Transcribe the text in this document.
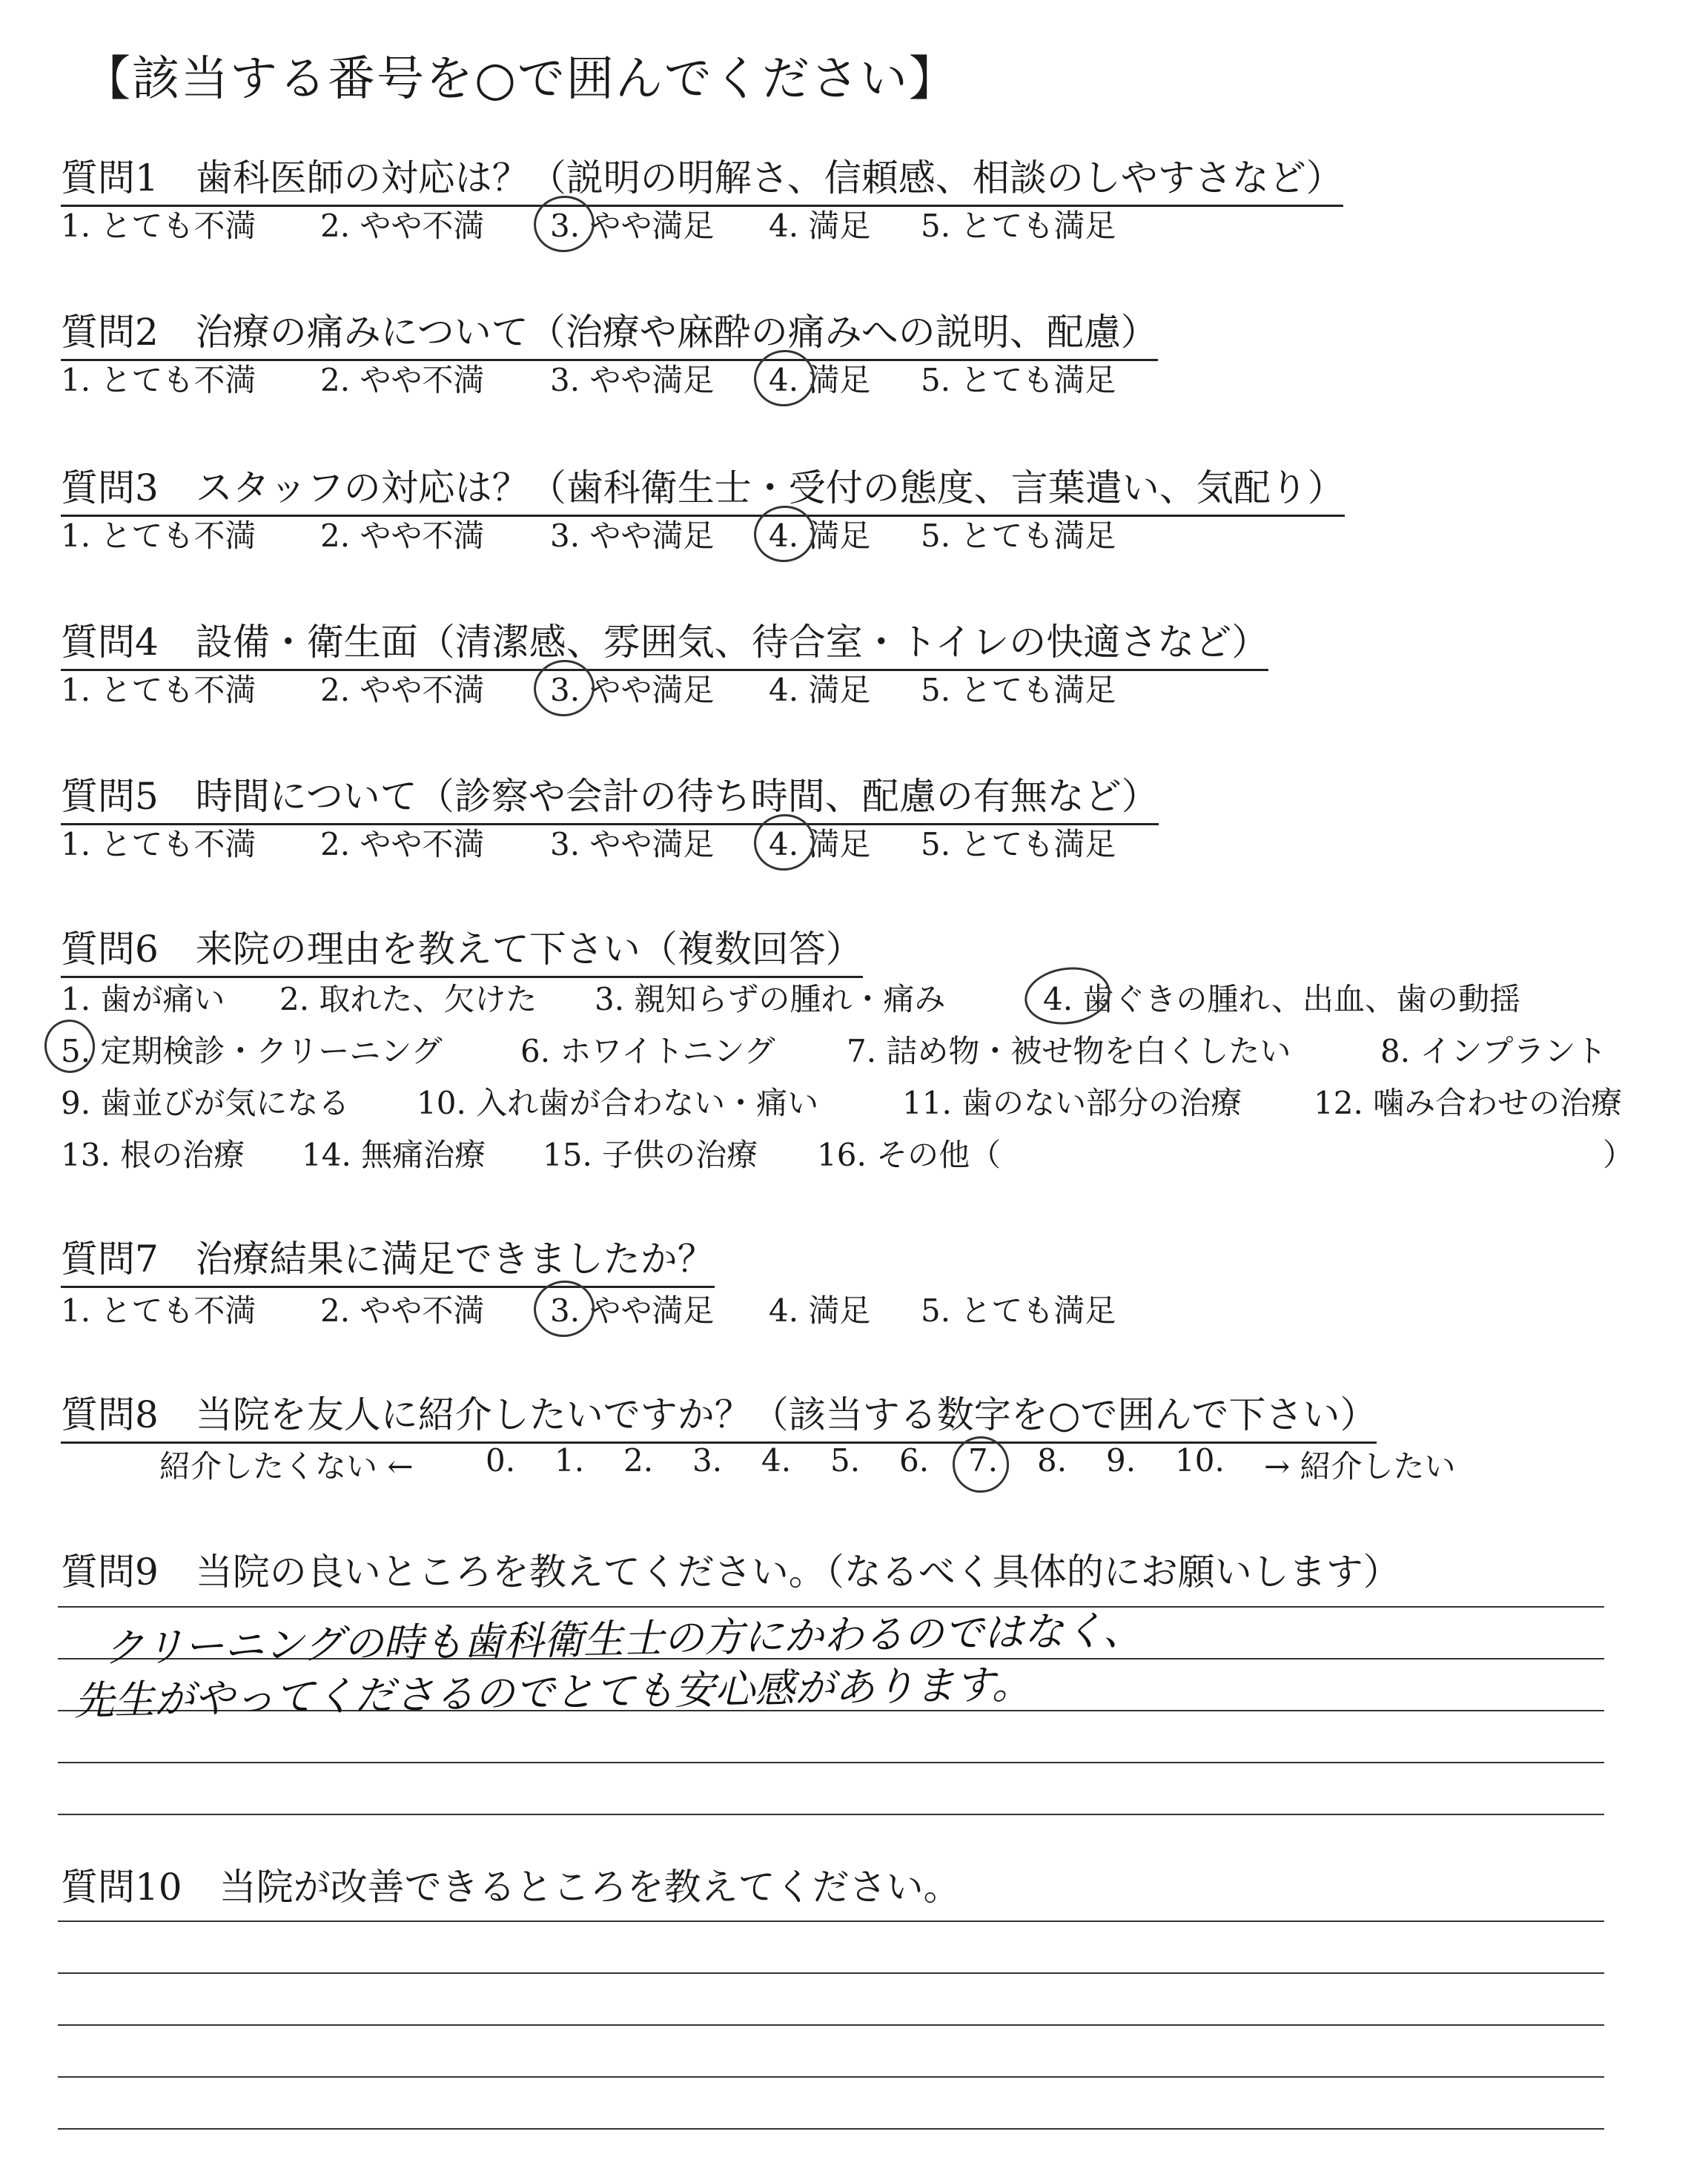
【該当する番号を○で囲んでください】
質問1　歯科医師の対応は？（説明の明解さ、信頼感、相談のしやすさなど）
1. とても不満 2. やや不満 3. やや満足 4. 満足 5. とても満足
質問2　治療の痛みについて（治療や麻酔の痛みへの説明、配慮）
1. とても不満 2. やや不満 3. やや満足 4. 満足 5. とても満足
質問3　スタッフの対応は？（歯科衛生士・受付の態度、言葉遣い、気配り）
1. とても不満 2. やや不満 3. やや満足 4. 満足 5. とても満足
質問4　設備・衛生面（清潔感、雰囲気、待合室・トイレの快適さなど）
1. とても不満 2. やや不満 3. やや満足 4. 満足 5. とても満足
質問5　時間について（診察や会計の待ち時間、配慮の有無など）
1. とても不満 2. やや不満 3. やや満足 4. 満足 5. とても満足
質問6　来院の理由を教えて下さい（複数回答）
1. 歯が痛い 2. 取れた、欠けた 3. 親知らずの腫れ・痛み	4. 歯ぐきの腫れ、出血、歯の動揺
5. 定期検診・クリーニング	6. ホワイトニング 7. 詰め物・被せ物を白くしたい	8. インプラント
9. 歯並びが気になる 10. 入れ歯が合わない・痛い	11. 歯のない部分の治療 12. 噛み合わせの治療
13. 根の治療 14. 無痛治療 15. 子供の治療 16. その他（	）
質問7　治療結果に満足できましたか？
1. とても不満 2. やや不満 3. やや満足 4. 満足 5. とても満足
質問8　当院を友人に紹介したいですか？（該当する数字を○で囲んで下さい）
紹介したくない ← 0. 1. 2. 3. 4. 5. 6. 7. 8. 9. 10. → 紹介したい
質問9　当院の良いところを教えてください。（なるべく具体的にお願いします）
クリーニングの時も歯科衛生士の方にかわるのではなく、
先生がやってくださるのでとても安心感があります。
質問10　当院が改善できるところを教えてください。
